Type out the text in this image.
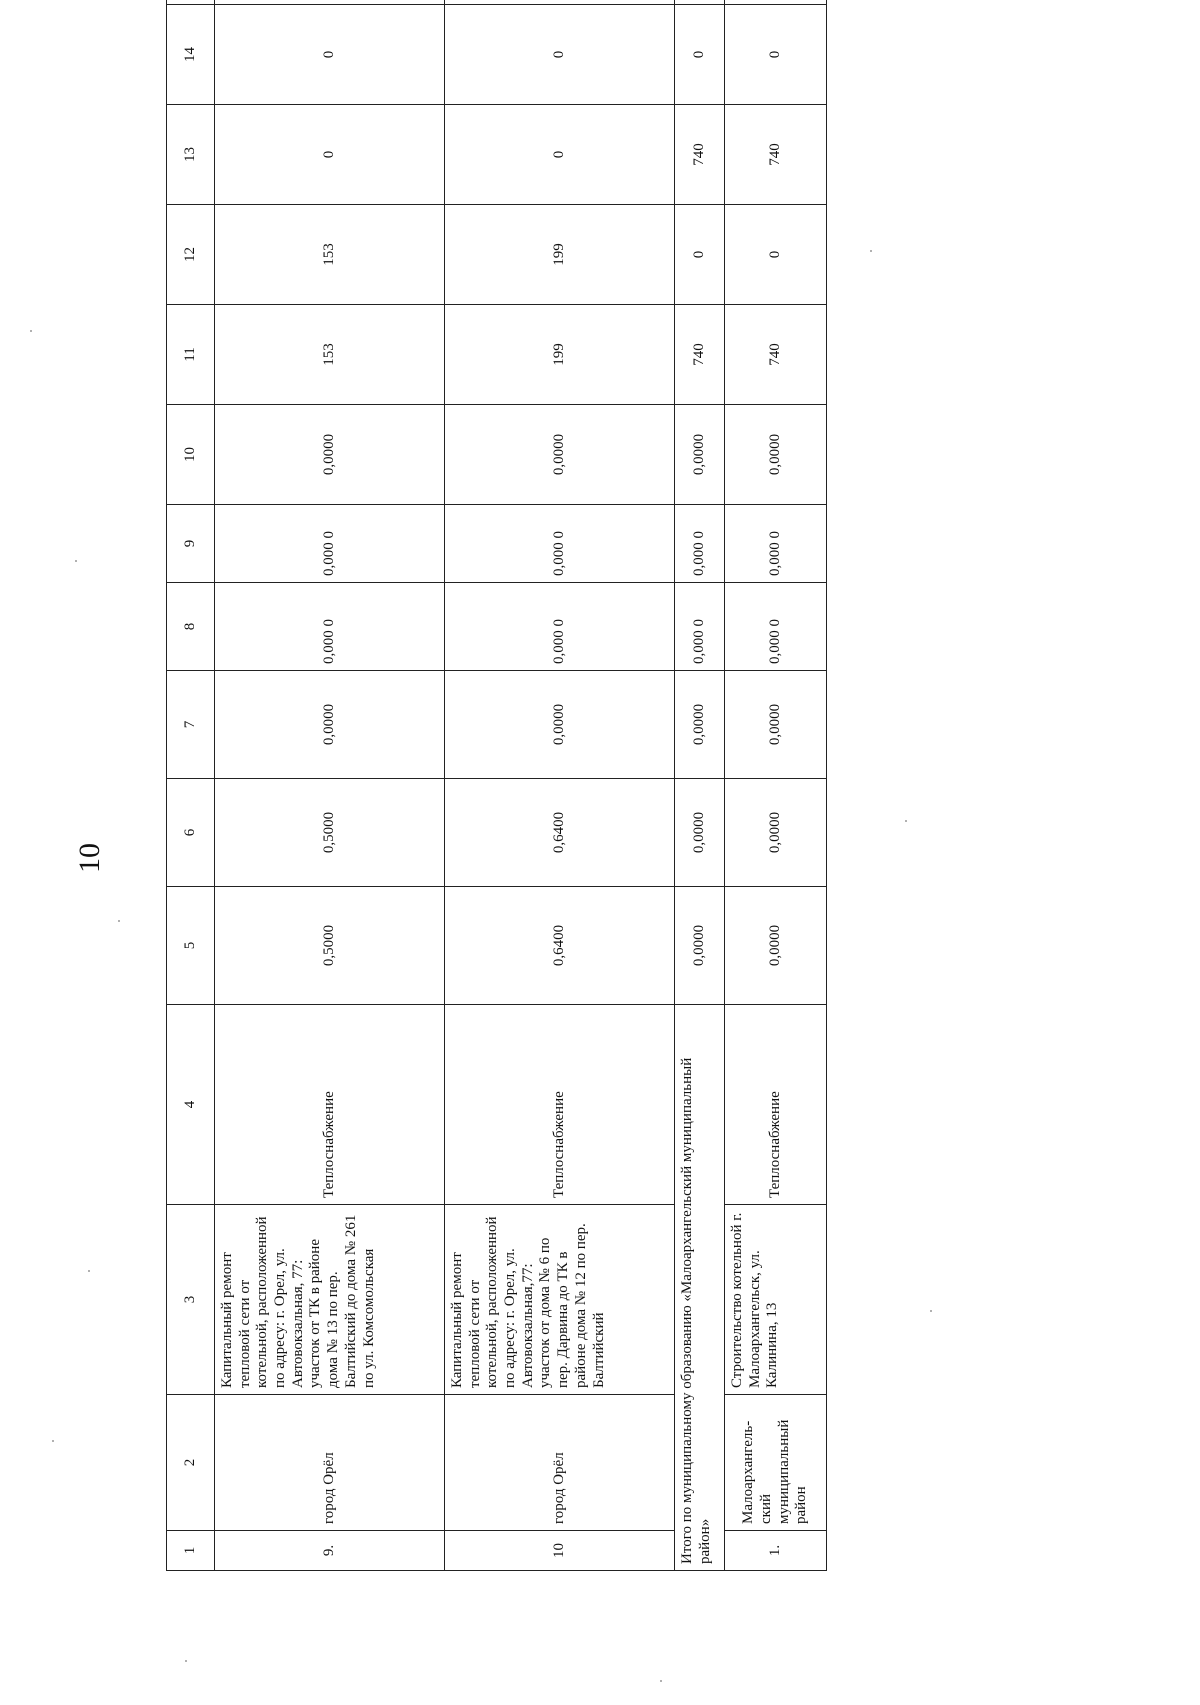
10
1	2	3	4	5	6	7	8	9	10	11	12	13	14		
9.	город Орёл	Капитальный ремонт тепловой сети от котельной, расположенной по адресу: г. Орел, ул. Автовокзальная, 77: участок от ТК в районе дома № 13 по пер. Балтийский до дома № 261 по ул. Комсомольская	Теплоснабжение	0,5000	0,5000	0,0000	0,000 0	0,000 0	0,0000	153	153	0	0		
10	город Орёл	Капитальный ремонт тепловой сети от котельной, расположенной по адресу: г. Орел, ул. Автовокзальная,77: участок от дома № 6 по пер. Дарвина до ТК в районе дома № 12 по пер. Балтийский	Теплоснабжение	0,6400	0,6400	0,0000	0,000 0	0,000 0	0,0000	199	199	0	0		
Итого по муниципальному образованию «Малоархангельский муниципальный район»				0,0000	0,0000	0,0000	0,000 0	0,000 0	0,0000	740	0	740	0		
1.	Малоархангель-ский муниципальный район	Строительство котельной г. Малоархангельск, ул. Калинина, 13	Теплоснабжение	0,0000	0,0000	0,0000	0,000 0	0,000 0	0,0000	740	0	740	0		
